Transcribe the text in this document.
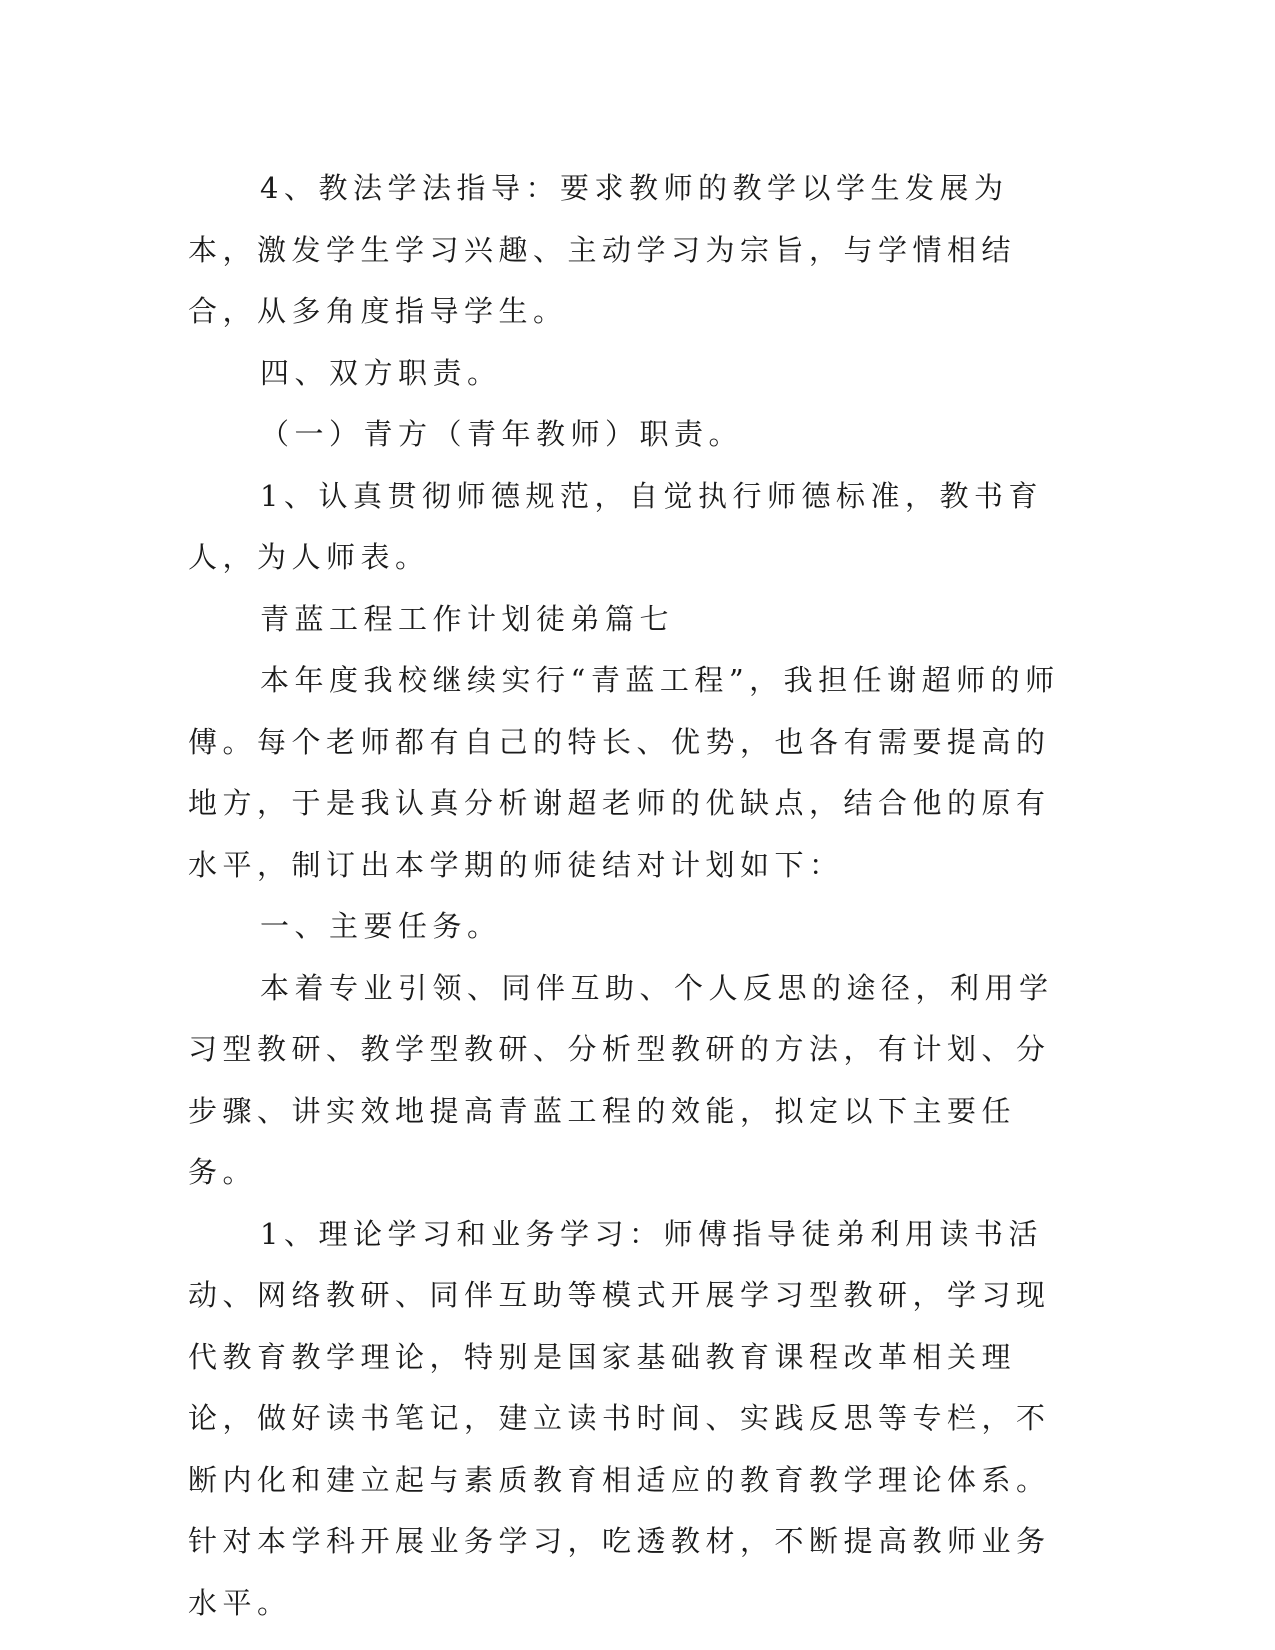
4、教法学法指导：要求教师的教学以学生发展为本，激发学生学习兴趣、主动学习为宗旨，与学情相结合，从多角度指导学生。

四、双方职责。

（一）青方（青年教师）职责。

1、认真贯彻师德规范，自觉执行师德标准，教书育人，为人师表。

青蓝工程工作计划徒弟篇七

本年度我校继续实行“青蓝工程”，我担任谢超师的师傅。每个老师都有自己的特长、优势，也各有需要提高的地方，于是我认真分析谢超老师的优缺点，结合他的原有水平，制订出本学期的师徒结对计划如下：

一、主要任务。

本着专业引领、同伴互助、个人反思的途径，利用学习型教研、教学型教研、分析型教研的方法，有计划、分步骤、讲实效地提高青蓝工程的效能，拟定以下主要任务。

1、理论学习和业务学习：师傅指导徒弟利用读书活动、网络教研、同伴互助等模式开展学习型教研，学习现代教育教学理论，特别是国家基础教育课程改革相关理论，做好读书笔记，建立读书时间、实践反思等专栏，不断内化和建立起与素质教育相适应的教育教学理论体系。针对本学科开展业务学习，吃透教材，不断提高教师业务水平。
